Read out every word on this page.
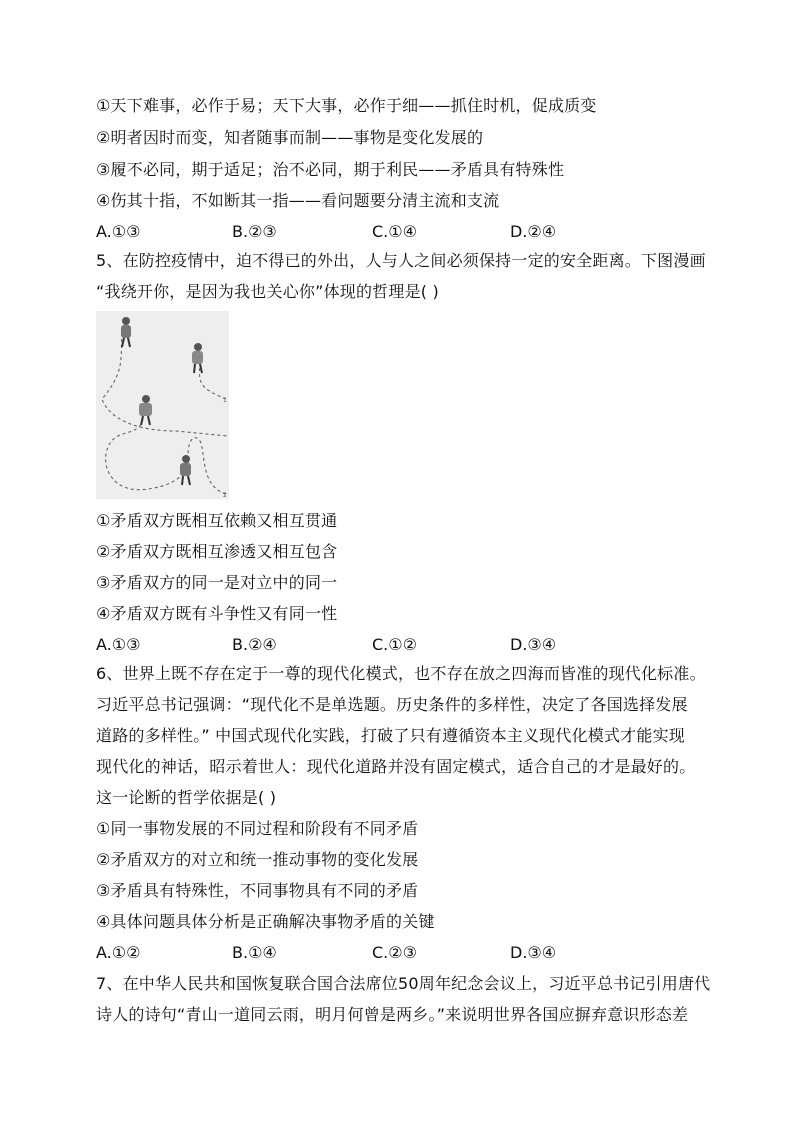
①天下难事，必作于易；天下大事，必作于细——抓住时机，促成质变
②明者因时而变，知者随事而制——事物是变化发展的
③履不必同，期于适足；治不必同，期于利民——矛盾具有特殊性
④伤其十指，不如断其一指——看问题要分清主流和支流
A.①③	B.②③	C.①④	D.②④
5、在防控疫情中，迫不得已的外出，人与人之间必须保持一定的安全距离。下图漫画
“我绕开你，是因为我也关心你”体现的哲理是( )
1
2
①矛盾双方既相互依赖又相互贯通
②矛盾双方既相互渗透又相互包含
③矛盾双方的同一是对立中的同一
④矛盾双方既有斗争性又有同一性
A.①③	B.②④	C.①②	D.③④
6、世界上既不存在定于一尊的现代化模式，也不存在放之四海而皆准的现代化标准。
习近平总书记强调：“现代化不是单选题。历史条件的多样性，决定了各国选择发展
道路的多样性。” 中国式现代化实践，打破了只有遵循资本主义现代化模式才能实现
现代化的神话，昭示着世人：现代化道路并没有固定模式，适合自己的才是最好的。
这一论断的哲学依据是( )
①同一事物发展的不同过程和阶段有不同矛盾
②矛盾双方的对立和统一推动事物的变化发展
③矛盾具有特殊性，不同事物具有不同的矛盾
④具体问题具体分析是正确解决事物矛盾的关键
A.①②	B.①④	C.②③	D.③④
7、在中华人民共和国恢复联合国合法席位50周年纪念会议上，习近平总书记引用唐代
诗人的诗句“青山一道同云雨，明月何曾是两乡。”来说明世界各国应摒弃意识形态差
